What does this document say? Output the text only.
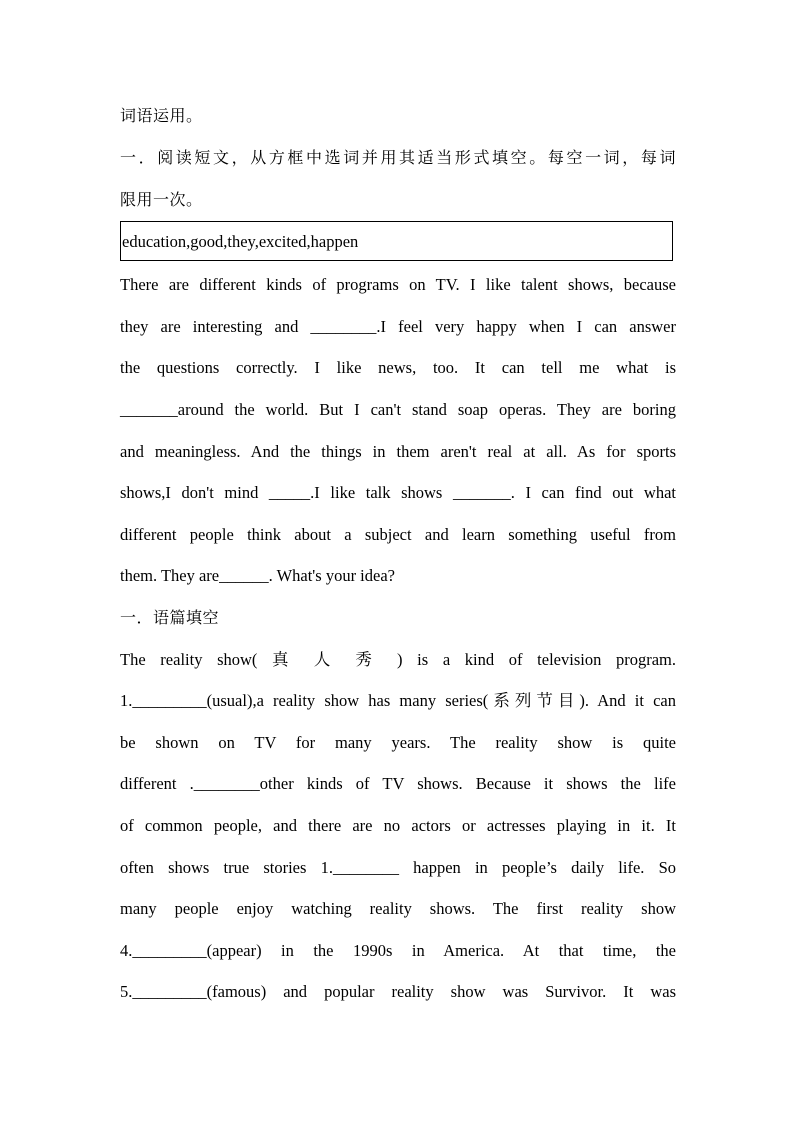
词语运用。
一．阅读短文，从方框中选词并用其适当形式填空。每空一词，每词
限用一次。
education,good,they,excited,happen
There are different kinds of programs on TV. I like talent shows, because
they are interesting and ________.I feel very happy when I can answer
the questions correctly. I like news, too. It can tell me what is
_______around the world. But I can't stand soap operas. They are boring
and meaningless. And the things in them aren't real at all. As for sports
shows,I don't mind _____.I like talk shows _______. I can find out what
different people think about a subject and learn something useful from
them. They are______. What's your idea?
一．语篇填空
The reality show( 真 人 秀 ) is a kind of television program.
1._________(usual),a reality show has many series(系列节目). And it can
be shown on TV for many years. The reality show is quite
different .________other kinds of TV shows. Because it shows the life
of common people, and there are no actors or actresses playing in it. It
often shows true stories 1.________ happen in people’s daily life. So
many people enjoy watching reality shows. The first reality show
4._________(appear) in the 1990s in America. At that time, the
5._________(famous) and popular reality show was Survivor. It was
